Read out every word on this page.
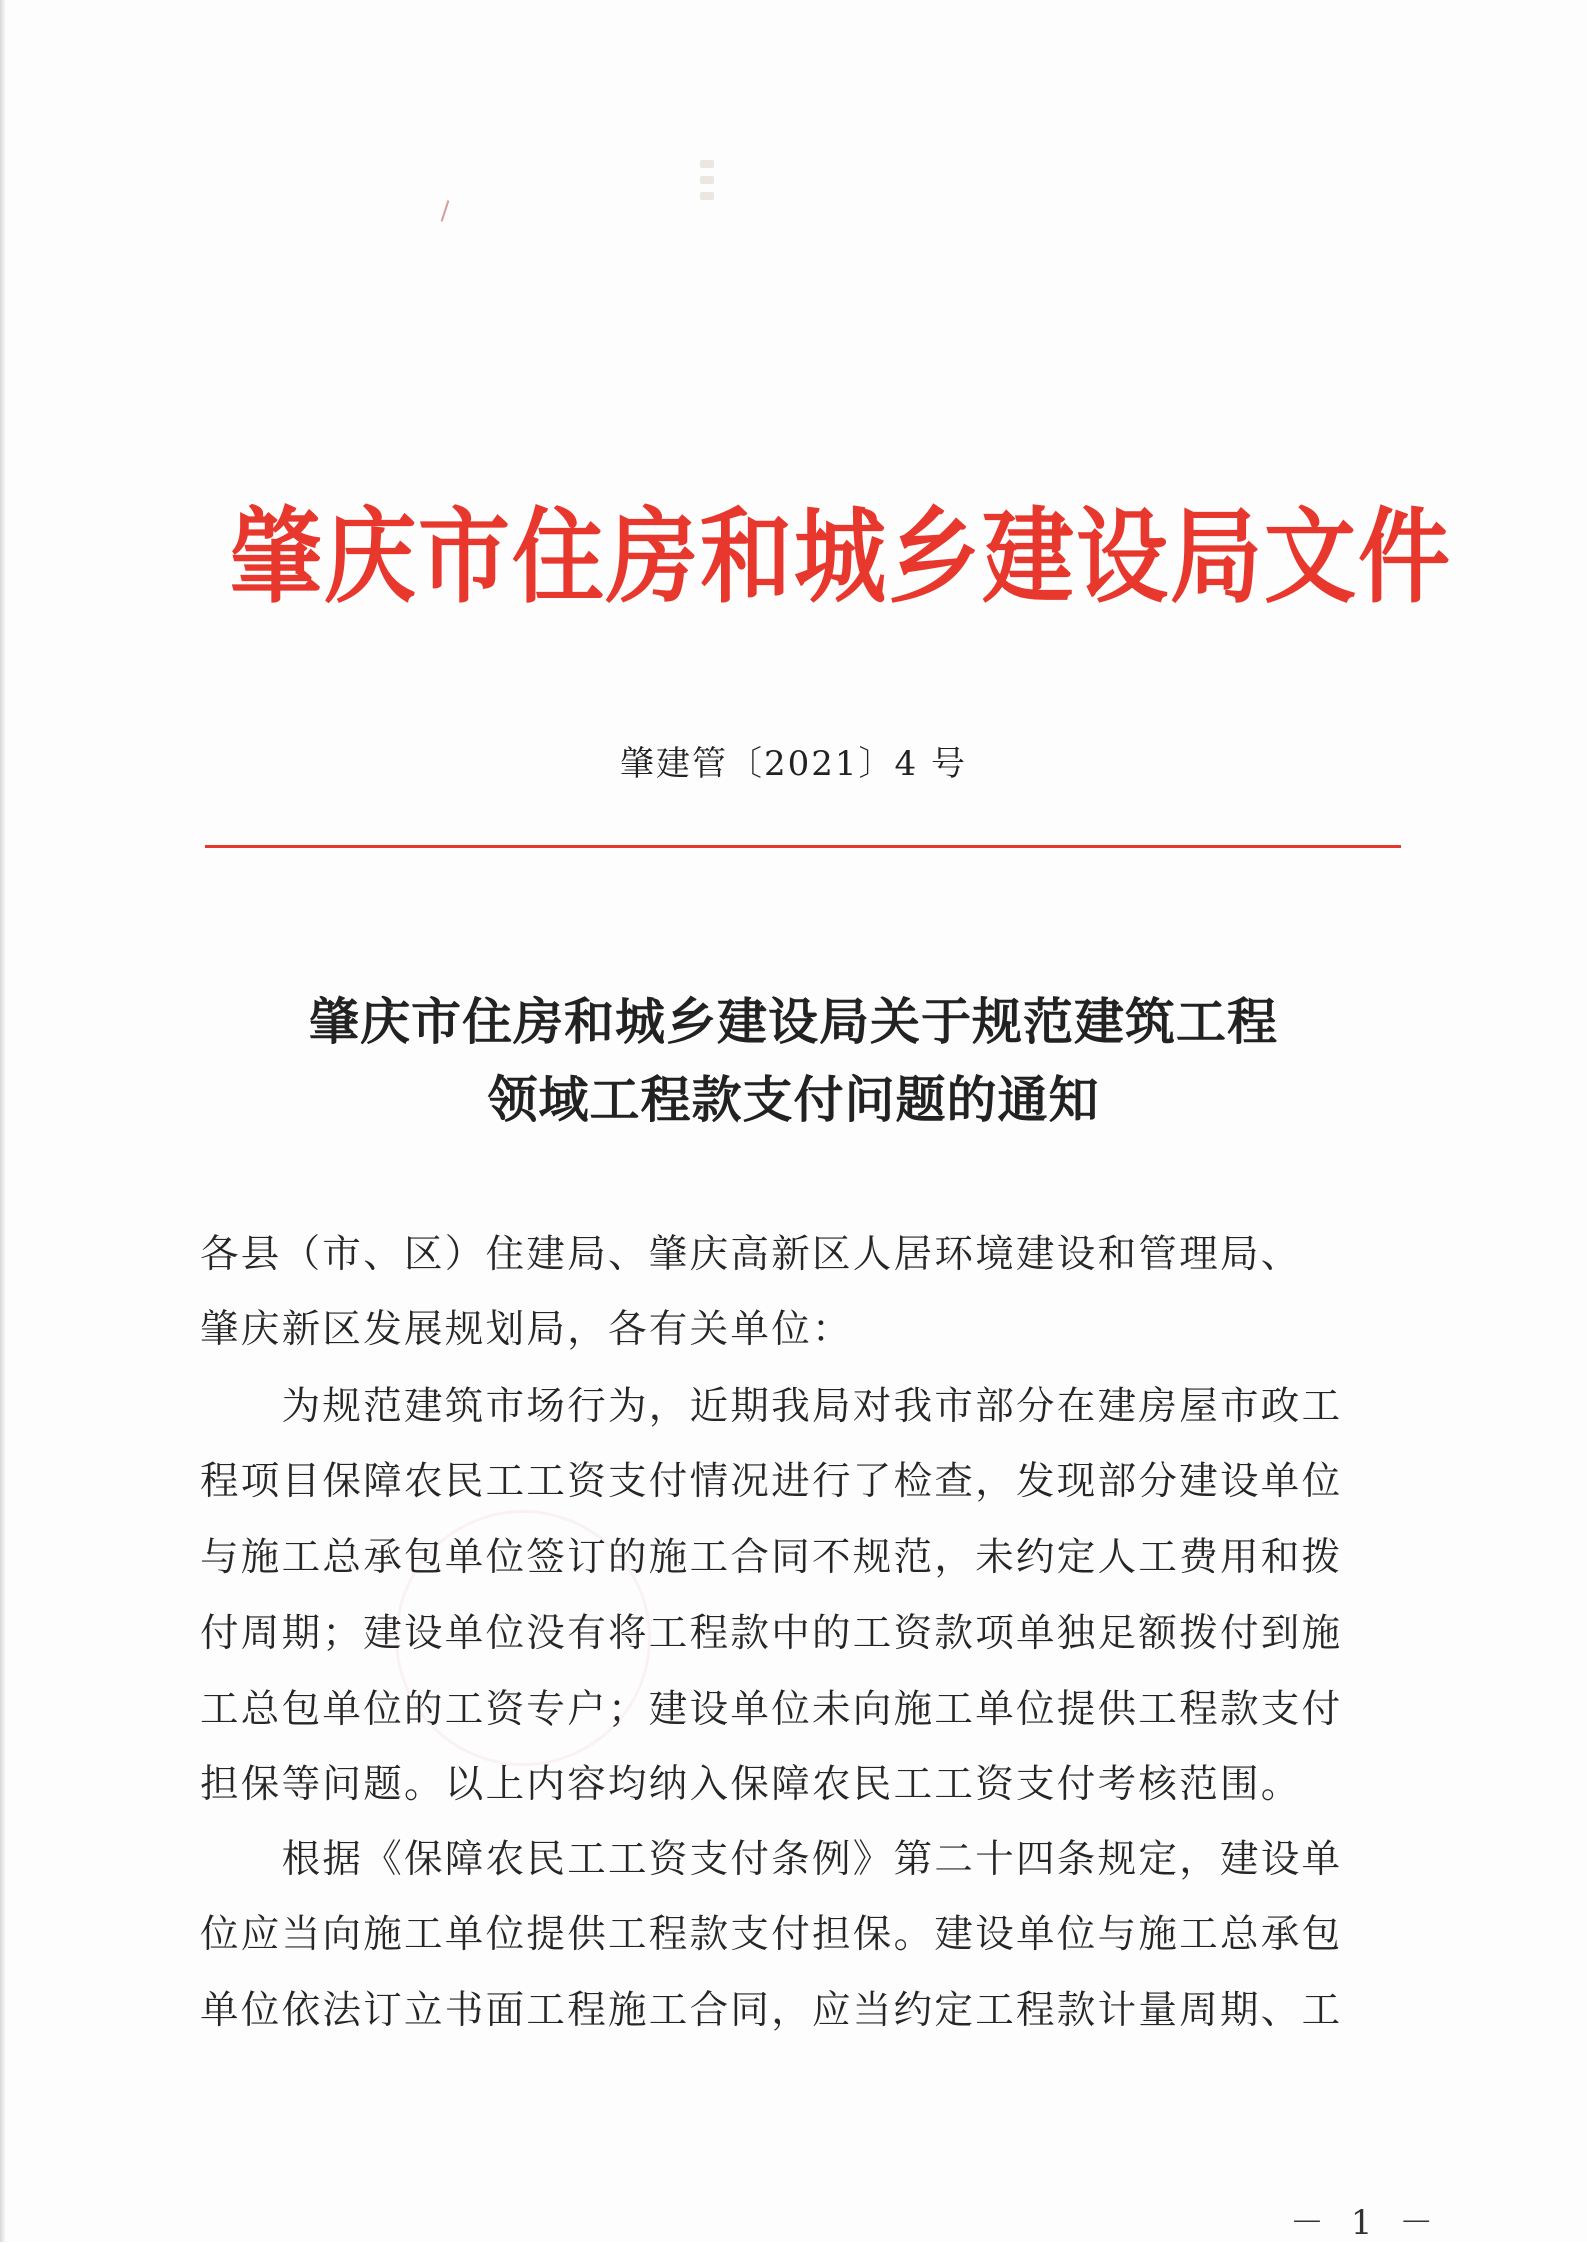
肇庆市住房和城乡建设局文件
肇建管〔2021〕4 号
肇庆市住房和城乡建设局关于规范建筑工程
领域工程款支付问题的通知
各县（市、区）住建局、肇庆高新区人居环境建设和管理局、
肇庆新区发展规划局，各有关单位：
　　为规范建筑市场行为，近期我局对我市部分在建房屋市政工
程项目保障农民工工资支付情况进行了检查，发现部分建设单位
与施工总承包单位签订的施工合同不规范，未约定人工费用和拨
付周期；建设单位没有将工程款中的工资款项单独足额拨付到施
工总包单位的工资专户；建设单位未向施工单位提供工程款支付
担保等问题。以上内容均纳入保障农民工工资支付考核范围。
　　根据《保障农民工工资支付条例》第二十四条规定，建设单
位应当向施工单位提供工程款支付担保。建设单位与施工总承包
单位依法订立书面工程施工合同，应当约定工程款计量周期、工
－ 1 －
